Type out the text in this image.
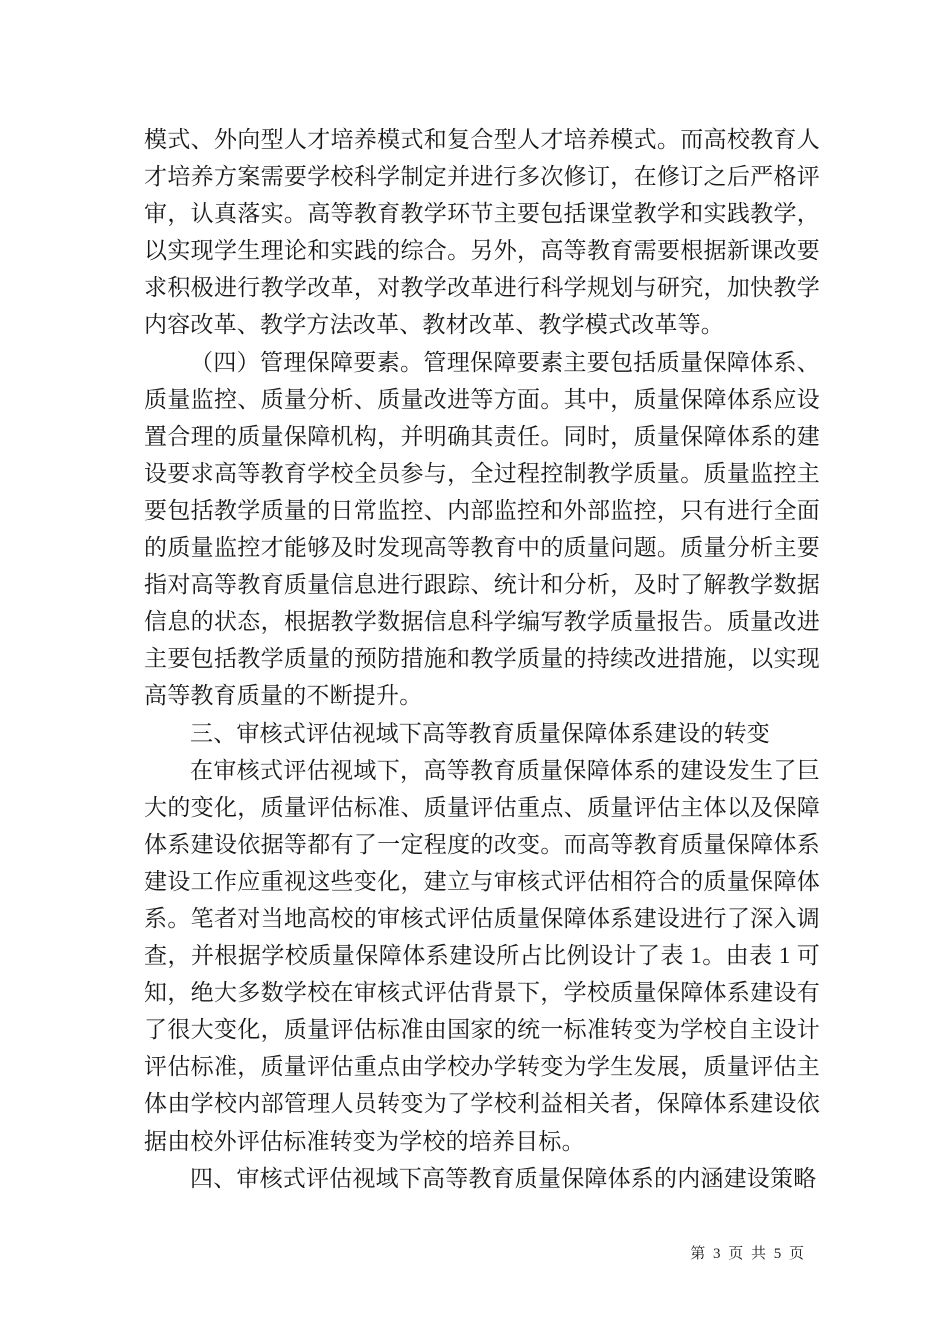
模式、外向型人才培养模式和复合型人才培养模式。而高校教育人才培养方案需要学校科学制定并进行多次修订，在修订之后严格评审，认真落实。高等教育教学环节主要包括课堂教学和实践教学，以实现学生理论和实践的综合。另外，高等教育需要根据新课改要求积极进行教学改革，对教学改革进行科学规划与研究，加快教学内容改革、教学方法改革、教材改革、教学模式改革等。

（四）管理保障要素。管理保障要素主要包括质量保障体系、质量监控、质量分析、质量改进等方面。其中，质量保障体系应设置合理的质量保障机构，并明确其责任。同时，质量保障体系的建设要求高等教育学校全员参与，全过程控制教学质量。质量监控主要包括教学质量的日常监控、内部监控和外部监控，只有进行全面的质量监控才能够及时发现高等教育中的质量问题。质量分析主要指对高等教育质量信息进行跟踪、统计和分析，及时了解教学数据信息的状态，根据教学数据信息科学编写教学质量报告。质量改进主要包括教学质量的预防措施和教学质量的持续改进措施，以实现高等教育质量的不断提升。

三、审核式评估视域下高等教育质量保障体系建设的转变

在审核式评估视域下，高等教育质量保障体系的建设发生了巨大的变化，质量评估标准、质量评估重点、质量评估主体以及保障体系建设依据等都有了一定程度的改变。而高等教育质量保障体系建设工作应重视这些变化，建立与审核式评估相符合的质量保障体系。笔者对当地高校的审核式评估质量保障体系建设进行了深入调查，并根据学校质量保障体系建设所占比例设计了表 1。由表 1 可知，绝大多数学校在审核式评估背景下，学校质量保障体系建设有了很大变化，质量评估标准由国家的统一标准转变为学校自主设计评估标准，质量评估重点由学校办学转变为学生发展，质量评估主体由学校内部管理人员转变为了学校利益相关者，保障体系建设依据由校外评估标准转变为学校的培养目标。

四、审核式评估视域下高等教育质量保障体系的内涵建设策略

第 3 页 共 5 页
